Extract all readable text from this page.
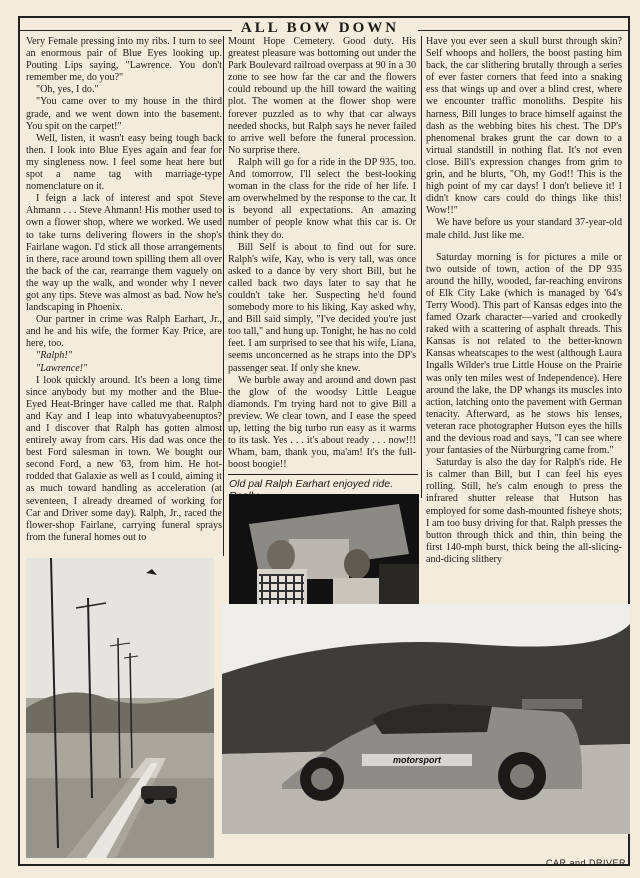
ALL BOW DOWN

Very Female pressing into my ribs. I turn to see an enormous pair of Blue Eyes looking up. Pouting Lips saying, "Lawrence. You don't remember me, do you?"

"Oh, yes, I do."

"You came over to my house in the third grade, and we went down into the basement. You spit on the carpet!"

Well, listen, it wasn't easy being tough back then. I look into Blue Eyes again and fear for my singleness now. I feel some heat here but spot a name tag with marriage-type nomenclature on it.

I feign a lack of interest and spot Steve Ahmann . . . Steve Ahmann! His mother used to own a flower shop, where we worked. We used to take turns delivering flowers in the shop's Fairlane wagon. I'd stick all those arrangements in there, race around town spilling them all over the back of the car, rearrange them vaguely on the way up the walk, and wonder why I never got any tips. Steve was almost as bad. Now he's landscaping in Phoenix.

Our partner in crime was Ralph Earhart, Jr., and he and his wife, the former Kay Price, are here, too.

"Ralph!"

"Lawrence!"

I look quickly around. It's been a long time since anybody but my mother and the Blue-Eyed Heat-Bringer have called me that. Ralph and Kay and I leap into whatuvyabeenuptos? and I discover that Ralph has gotten almost entirely away from cars. His dad was once the best Ford salesman in town. We bought our second Ford, a new '63, from him. He hot-rodded that Galaxie as well as I could, aiming it as much toward handling as acceleration (at seventeen, I already dreamed of working for Car and Driver some day). Ralph, Jr., raced the flower-shop Fairlane, carrying funeral sprays from the funeral homes out to

Mount Hope Cemetery. Good duty. His greatest pleasure was bottoming out under the Park Boulevard railroad overpass at 90 in a 30 zone to see how far the car and the flowers could rebound up the hill toward the waiting plot. The women at the flower shop were forever puzzled as to why that car always needed shocks, but Ralph says he never failed to arrive well before the funeral procession. No surprise there.

Ralph will go for a ride in the DP 935, too. And tomorrow, I'll select the best-looking woman in the class for the ride of her life. I am overwhelmed by the response to the car. It is beyond all expectations. An amazing number of people know what this car is. Or think they do.

Bill Self is about to find out for sure. Ralph's wife, Kay, who is very tall, was once asked to a dance by very short Bill, but he called back two days later to say that he couldn't take her. Suspecting he'd found somebody more to his liking, Kay asked why, and Bill said simply, "I've decided you're just too tall," and hung up. Tonight, he has no cold feet. I am surprised to see that his wife, Liana, seems unconcerned as he straps into the DP's passenger seat. If only she knew.

We burble away and around and down past the glow of the woodsy Little League diamonds. I'm trying hard not to give Bill a preview. We clear town, and I ease the speed up, letting the big turbo run easy as it warms to its task. Yes . . . it's about ready . . . now!!! Wham, bam, thank you, ma'am! It's the full-boost boogie!!

Have you ever seen a skull burst through skin? Self whoops and hollers, the boost pasting him back, the car slithering brutally through a series of ever faster corners that feed into a snaking ess that wings up and over a blind crest, where we encounter traffic monoliths. Despite his harness, Bill lunges to brace himself against the dash as the webbing bites his chest. The DP's phenomenal brakes grunt the car down to a virtual standstill in nothing flat. It's not even close. Bill's expression changes from grim to grin, and he blurts, "Oh, my God!! This is the high point of my car days! I don't believe it! I didn't know cars could do things like this! Wow!!"

We have before us your standard 37-year-old male child. Just like me.

Saturday morning is for pictures a mile or two outside of town, action of the DP 935 around the hilly, wooded, far-reaching environs of Elk City Lake (which is managed by '64's Terry Wood). This part of Kansas edges into the famed Ozark character—varied and crookedly raked with a scattering of asphalt threads. This Kansas is not related to the better-known Kansas wheatscapes to the west (although Laura Ingalls Wilder's true Little House on the Prairie was only ten miles west of Independence). Here around the lake, the DP whangs its muscles into action, latching onto the pavement with German tenacity. Afterward, as he stows his lenses, veteran race photographer Hutson eyes the hills and the devious road and says, "I can see where your fantasies of the Nürburgring came from."

Saturday is also the day for Ralph's ride. He is calmer than Bill, but I can feel his eyes rolling. Still, he's calm enough to press the infrared shutter release that Hutson has employed for some dash-mounted fisheye shots; I am too busy driving for that. Ralph presses the button through thick and thin, thin being the first 140-mph burst, thick being the all-slicing-and-dicing slithery

Old pal Ralph Earhart enjoyed ride.
motorsport
CAR and DRIVER
